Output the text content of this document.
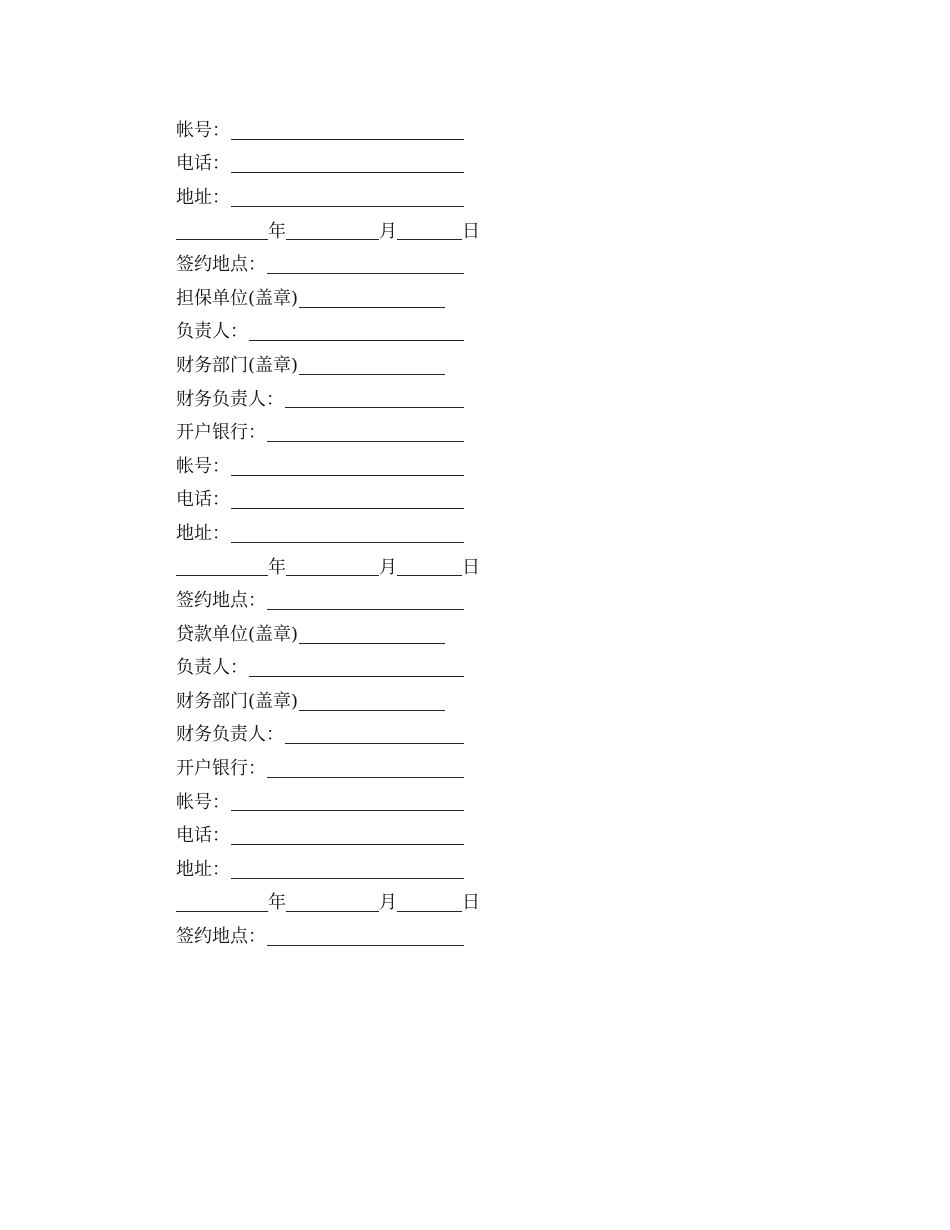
帐号：
电话：
地址：
年	月	日
签约地点：
担保单位(盖章)
负责人：
财务部门(盖章)
财务负责人：
开户银行：
帐号：
电话：
地址：
年	月	日
签约地点：
贷款单位(盖章)
负责人：
财务部门(盖章)
财务负责人：
开户银行：
帐号：
电话：
地址：
年	月	日
签约地点：
